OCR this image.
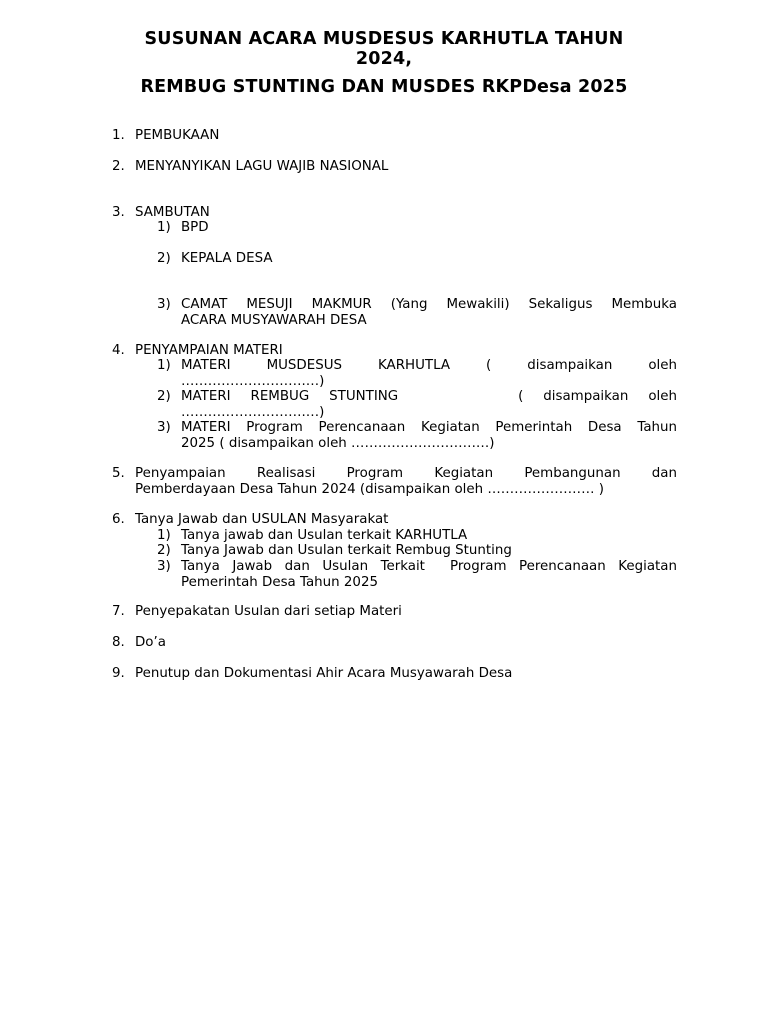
SUSUNAN ACARA MUSDESUS KARHUTLA TAHUN
2024,
REMBUG STUNTING DAN MUSDES RKPDesa 2025
1. PEMBUKAAN
2. MENYANYIKAN LAGU WAJIB NASIONAL
3. SAMBUTAN
1) BPD
2) KEPALA DESA
3) CAMAT MESUJI MAKMUR (Yang Mewakili) Sekaligus Membuka
ACARA MUSYAWARAH DESA
4. PENYAMPAIAN MATERI
1) MATERI	MUSDESUS	KARHUTLA	(	disampaikan	oleh
……………………….…)
2) MATERI REMBUG STUNTING	( disampaikan oleh
……………………….…)
3) MATERI Program Perencanaan Kegiatan Pemerintah Desa Tahun
2025 ( disampaikan oleh ……………………….…)
5. Penyampaian Realisasi Program Kegiatan Pembangunan dan
Pemberdayaan Desa Tahun 2024 (disampaikan oleh …………………… )
6. Tanya Jawab dan USULAN Masyarakat
1) Tanya jawab dan Usulan terkait KARHUTLA
2) Tanya Jawab dan Usulan terkait Rembug Stunting
3) Tanya Jawab dan Usulan Terkait  Program Perencanaan Kegiatan
Pemerintah Desa Tahun 2025
7. Penyepakatan Usulan dari setiap Materi
8. Do’a
9. Penutup dan Dokumentasi Ahir Acara Musyawarah Desa
